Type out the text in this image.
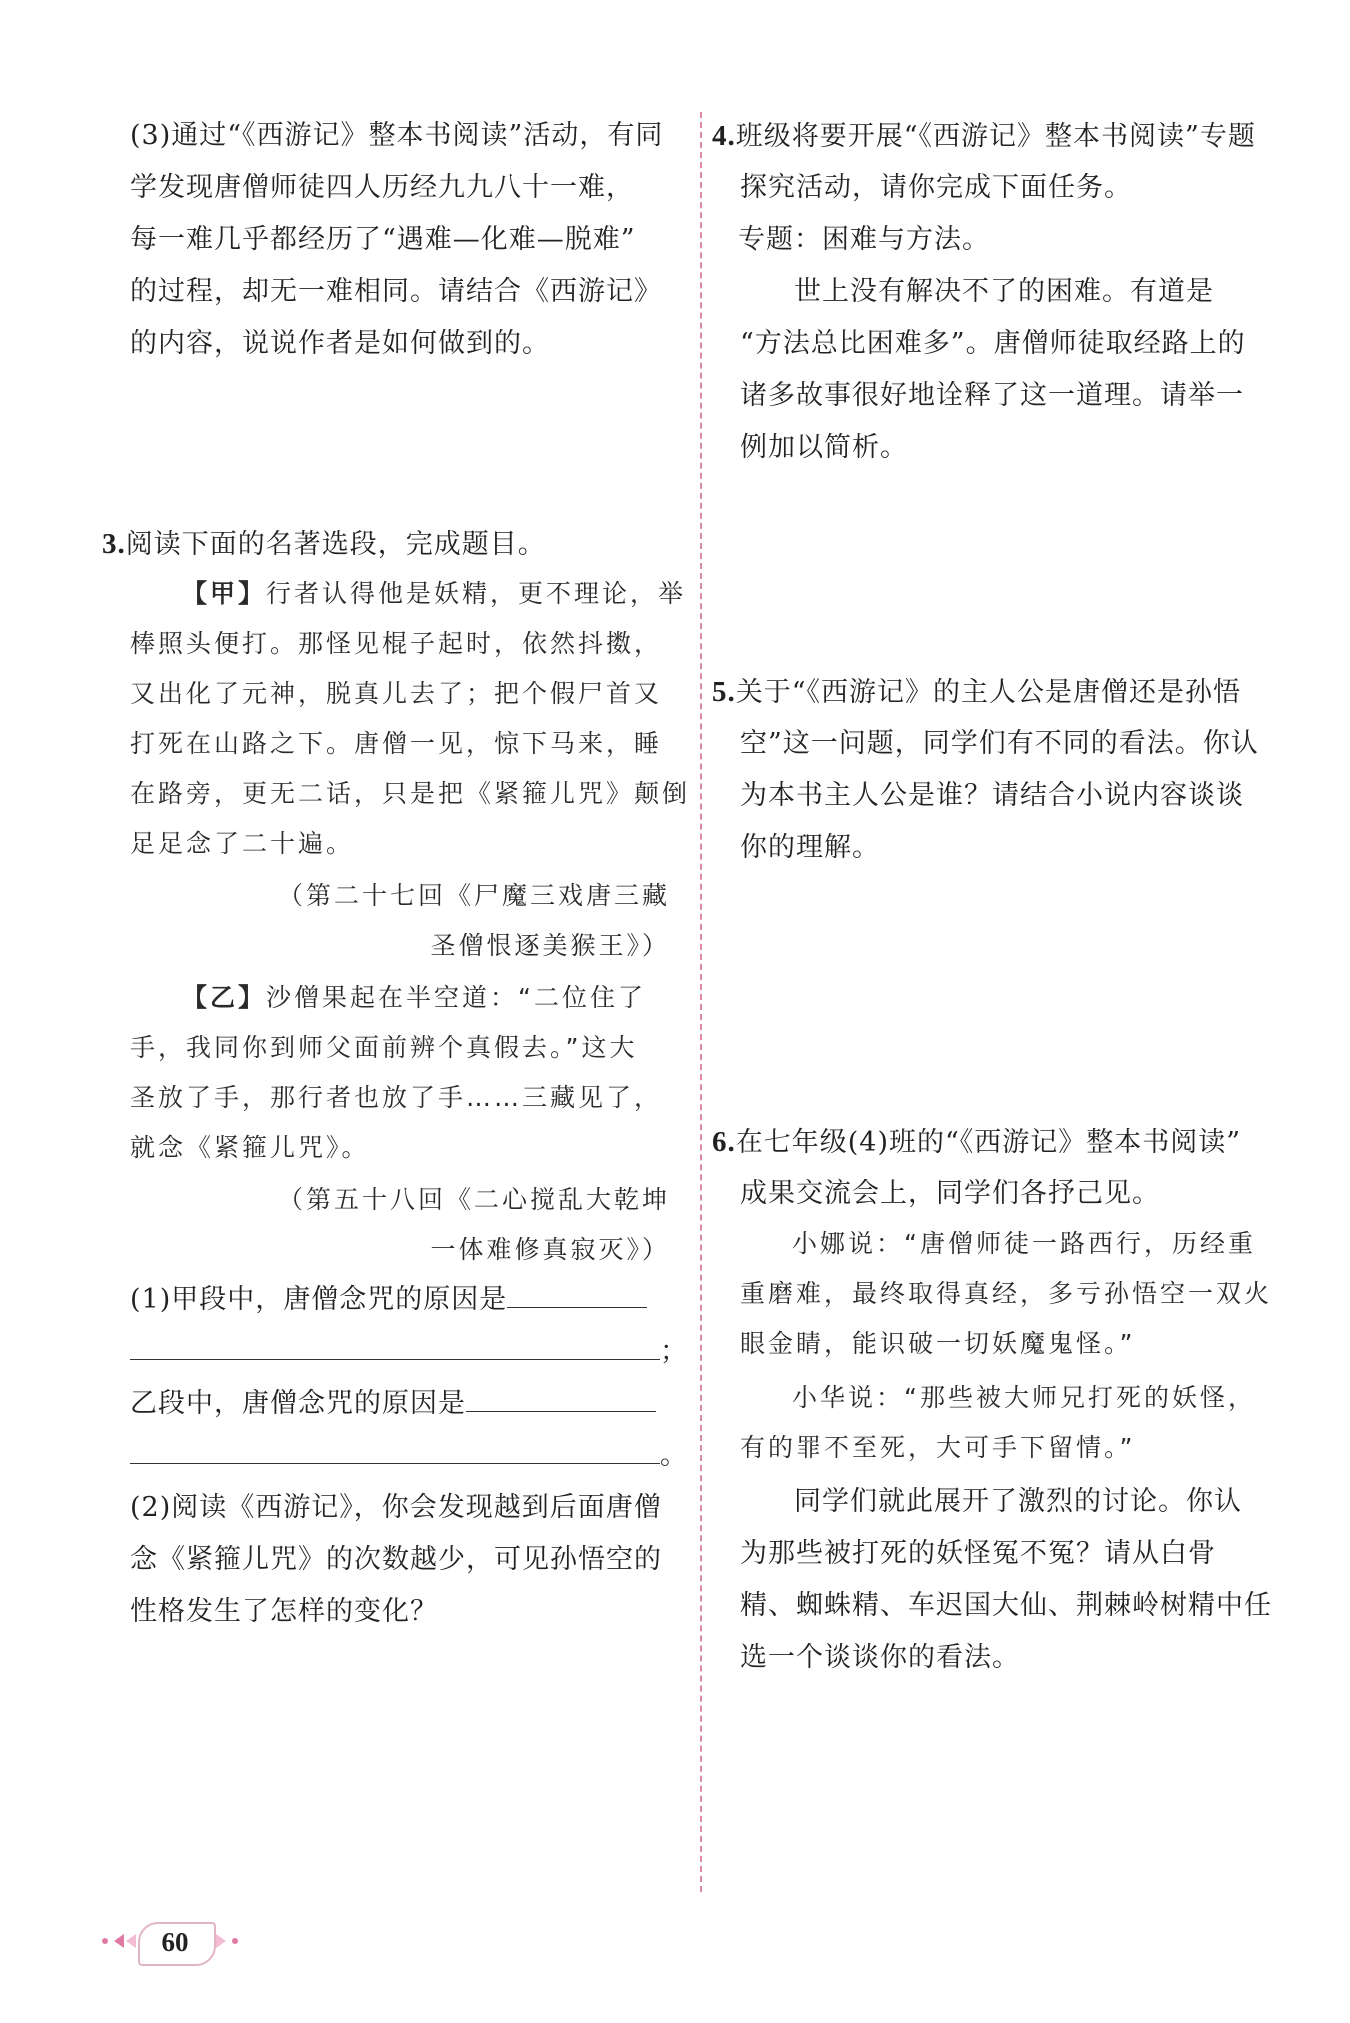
(3)通过“《西游记》整本书阅读”活动，有同

学发现唐僧师徒四人历经九九八十一难，

每一难几乎都经历了“遇难—化难—脱难”

的过程，却无一难相同。请结合《西游记》

的内容，说说作者是如何做到的。

3.阅读下面的名著选段，完成题目。

【甲】行者认得他是妖精，更不理论，举

棒照头便打。那怪见棍子起时，依然抖擞，

又出化了元神，脱真儿去了；把个假尸首又

打死在山路之下。唐僧一见，惊下马来，睡

在路旁，更无二话，只是把《紧箍儿咒》颠倒

足足念了二十遍。

（第二十七回《尸魔三戏唐三藏

圣僧恨逐美猴王》）

【乙】沙僧果起在半空道：“二位住了

手，我同你到师父面前辨个真假去。”这大

圣放了手，那行者也放了手……三藏见了，

就念《紧箍儿咒》。

（第五十八回《二心搅乱大乾坤

一体难修真寂灭》）

(1)甲段中，唐僧念咒的原因是

；

乙段中，唐僧念咒的原因是

。

(2)阅读《西游记》，你会发现越到后面唐僧

念《紧箍儿咒》的次数越少，可见孙悟空的

性格发生了怎样的变化？

4.班级将要开展“《西游记》整本书阅读”专题

探究活动，请你完成下面任务。

专题：困难与方法。

世上没有解决不了的困难。有道是

“方法总比困难多”。唐僧师徒取经路上的

诸多故事很好地诠释了这一道理。请举一

例加以简析。

5.关于“《西游记》的主人公是唐僧还是孙悟

空”这一问题，同学们有不同的看法。你认

为本书主人公是谁？请结合小说内容谈谈

你的理解。

6.在七年级(4)班的“《西游记》整本书阅读”

成果交流会上，同学们各抒己见。

小娜说：“唐僧师徒一路西行，历经重

重磨难，最终取得真经，多亏孙悟空一双火

眼金睛，能识破一切妖魔鬼怪。”

小华说：“那些被大师兄打死的妖怪，

有的罪不至死，大可手下留情。”

同学们就此展开了激烈的讨论。你认

为那些被打死的妖怪冤不冤？请从白骨

精、蜘蛛精、车迟国大仙、荆棘岭树精中任

选一个谈谈你的看法。

60
